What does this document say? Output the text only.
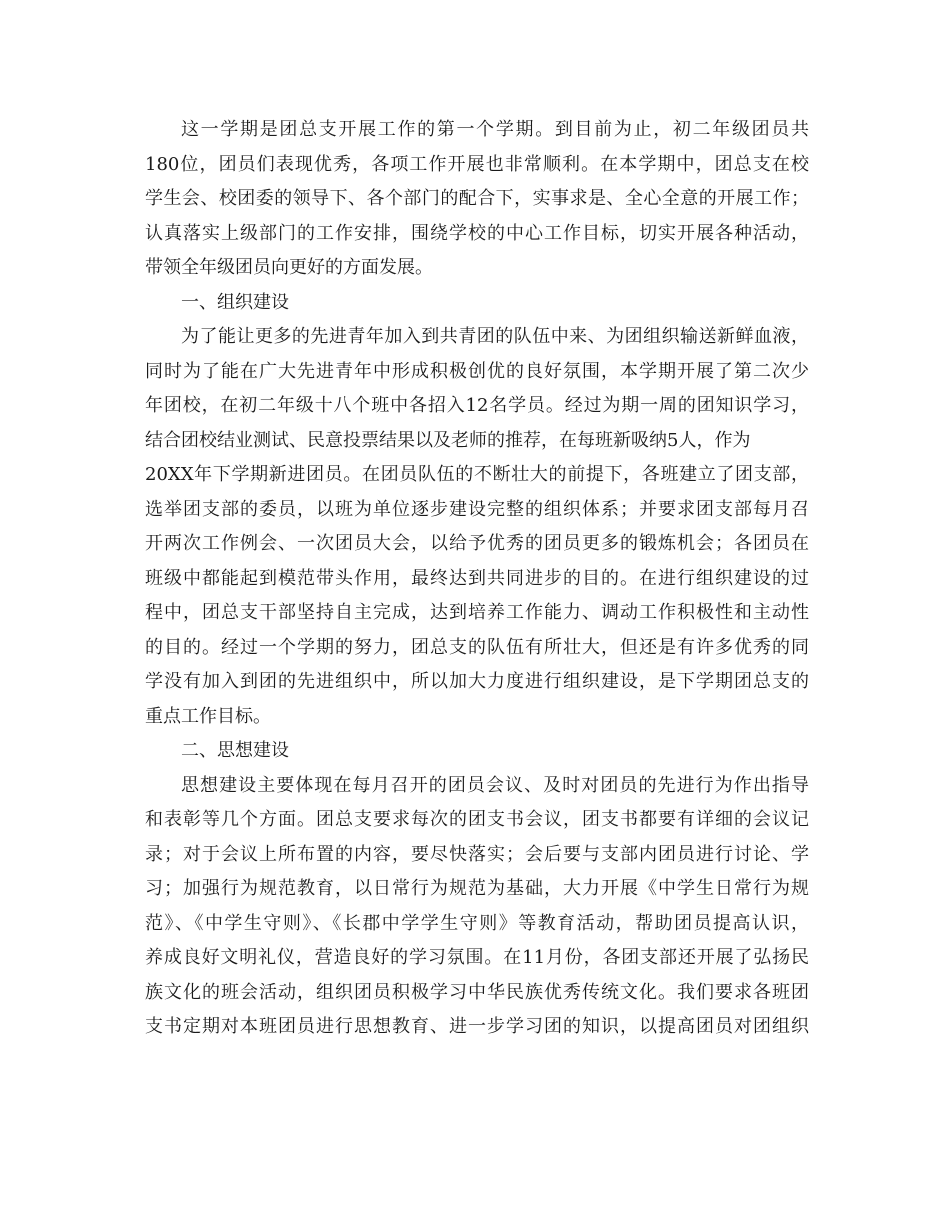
这一学期是团总支开展工作的第一个学期。到目前为止，初二年级团员共
180位，团员们表现优秀，各项工作开展也非常顺利。在本学期中，团总支在校
学生会、校团委的领导下、各个部门的配合下，实事求是、全心全意的开展工作；
认真落实上级部门的工作安排，围绕学校的中心工作目标，切实开展各种活动，
带领全年级团员向更好的方面发展。
一、组织建设
为了能让更多的先进青年加入到共青团的队伍中来、为团组织输送新鲜血液，
同时为了能在广大先进青年中形成积极创优的良好氛围，本学期开展了第二次少
年团校，在初二年级十八个班中各招入12名学员。经过为期一周的团知识学习，
结合团校结业测试、民意投票结果以及老师的推荐，在每班新吸纳5人，作为
20XX年下学期新进团员。在团员队伍的不断壮大的前提下，各班建立了团支部，
选举团支部的委员，以班为单位逐步建设完整的组织体系；并要求团支部每月召
开两次工作例会、一次团员大会，以给予优秀的团员更多的锻炼机会；各团员在
班级中都能起到模范带头作用，最终达到共同进步的目的。在进行组织建设的过
程中，团总支干部坚持自主完成，达到培养工作能力、调动工作积极性和主动性
的目的。经过一个学期的努力，团总支的队伍有所壮大，但还是有许多优秀的同
学没有加入到团的先进组织中，所以加大力度进行组织建设，是下学期团总支的
重点工作目标。
二、思想建设
思想建设主要体现在每月召开的团员会议、及时对团员的先进行为作出指导
和表彰等几个方面。团总支要求每次的团支书会议，团支书都要有详细的会议记
录；对于会议上所布置的内容，要尽快落实；会后要与支部内团员进行讨论、学
习；加强行为规范教育，以日常行为规范为基础，大力开展《中学生日常行为规
范》、《中学生守则》、《长郡中学学生守则》等教育活动，帮助团员提高认识，
养成良好文明礼仪，营造良好的学习氛围。在11月份，各团支部还开展了弘扬民
族文化的班会活动，组织团员积极学习中华民族优秀传统文化。我们要求各班团
支书定期对本班团员进行思想教育、进一步学习团的知识，以提高团员对团组织
